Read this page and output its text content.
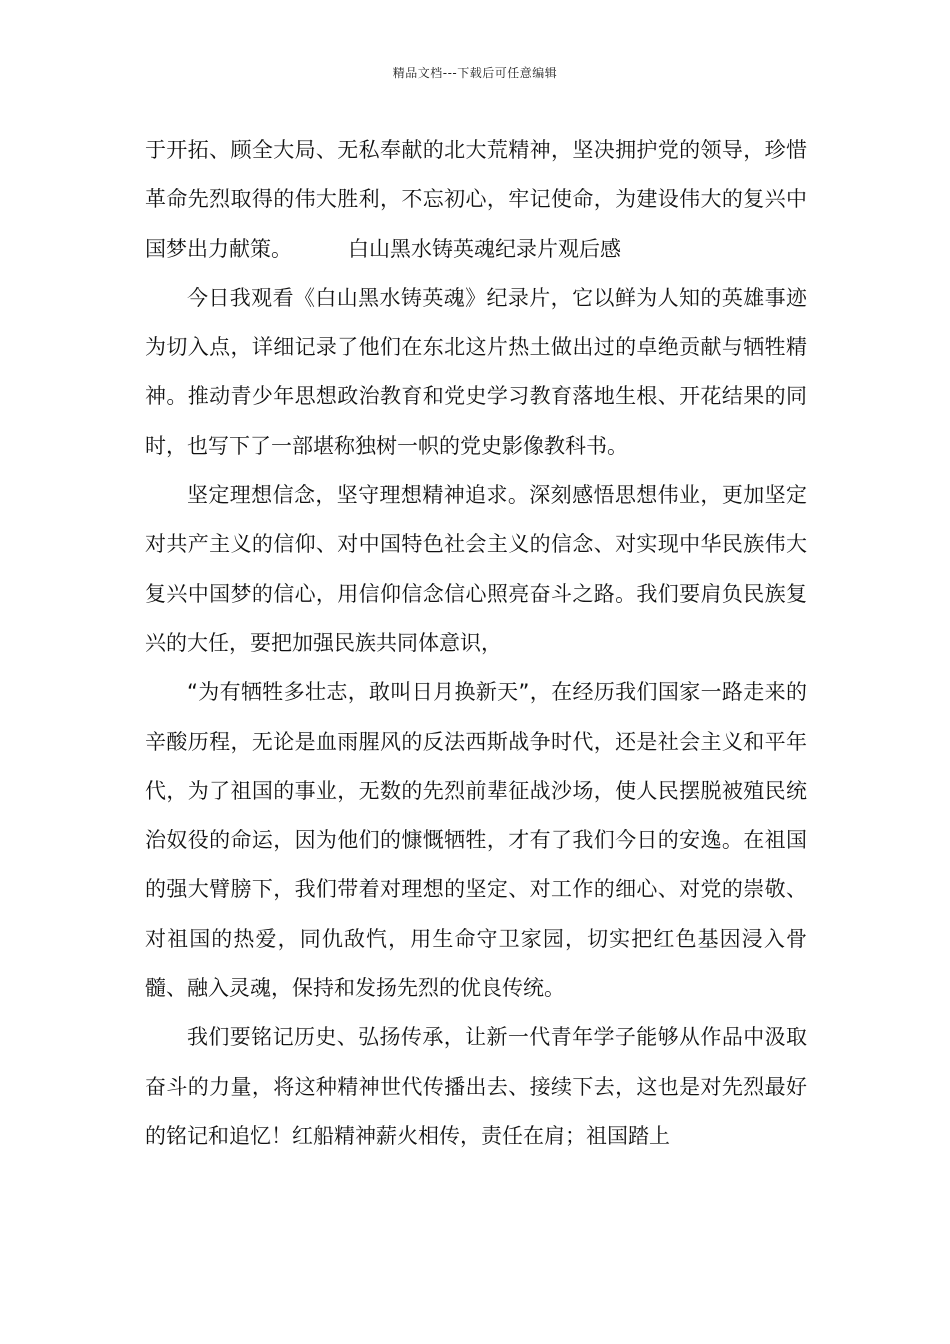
精品文档---下载后可任意编辑

于开拓、顾全大局、无私奉献的北大荒精神，坚决拥护党的领导，珍惜革命先烈取得的伟大胜利，不忘初心，牢记使命，为建设伟大的复兴中国梦出力献策。	白山黑水铸英魂纪录片观后感

今日我观看《白山黑水铸英魂》纪录片，它以鲜为人知的英雄事迹为切入点，详细记录了他们在东北这片热土做出过的卓绝贡献与牺牲精神。推动青少年思想政治教育和党史学习教育落地生根、开花结果的同时，也写下了一部堪称独树一帜的党史影像教科书。

坚定理想信念，坚守理想精神追求。深刻感悟思想伟业，更加坚定对共产主义的信仰、对中国特色社会主义的信念、对实现中华民族伟大复兴中国梦的信心，用信仰信念信心照亮奋斗之路。我们要肩负民族复兴的大任，要把加强民族共同体意识，

“为有牺牲多壮志，敢叫日月换新天”，在经历我们国家一路走来的辛酸历程，无论是血雨腥风的反法西斯战争时代，还是社会主义和平年代，为了祖国的事业，无数的先烈前辈征战沙场，使人民摆脱被殖民统治奴役的命运，因为他们的慷慨牺牲，才有了我们今日的安逸。在祖国的强大臂膀下，我们带着对理想的坚定、对工作的细心、对党的崇敬、对祖国的热爱，同仇敌忾，用生命守卫家园，切实把红色基因浸入骨髓、融入灵魂，保持和发扬先烈的优良传统。

我们要铭记历史、弘扬传承，让新一代青年学子能够从作品中汲取奋斗的力量，将这种精神世代传播出去、接续下去，这也是对先烈最好的铭记和追忆！红船精神薪火相传，责任在肩；祖国踏上
